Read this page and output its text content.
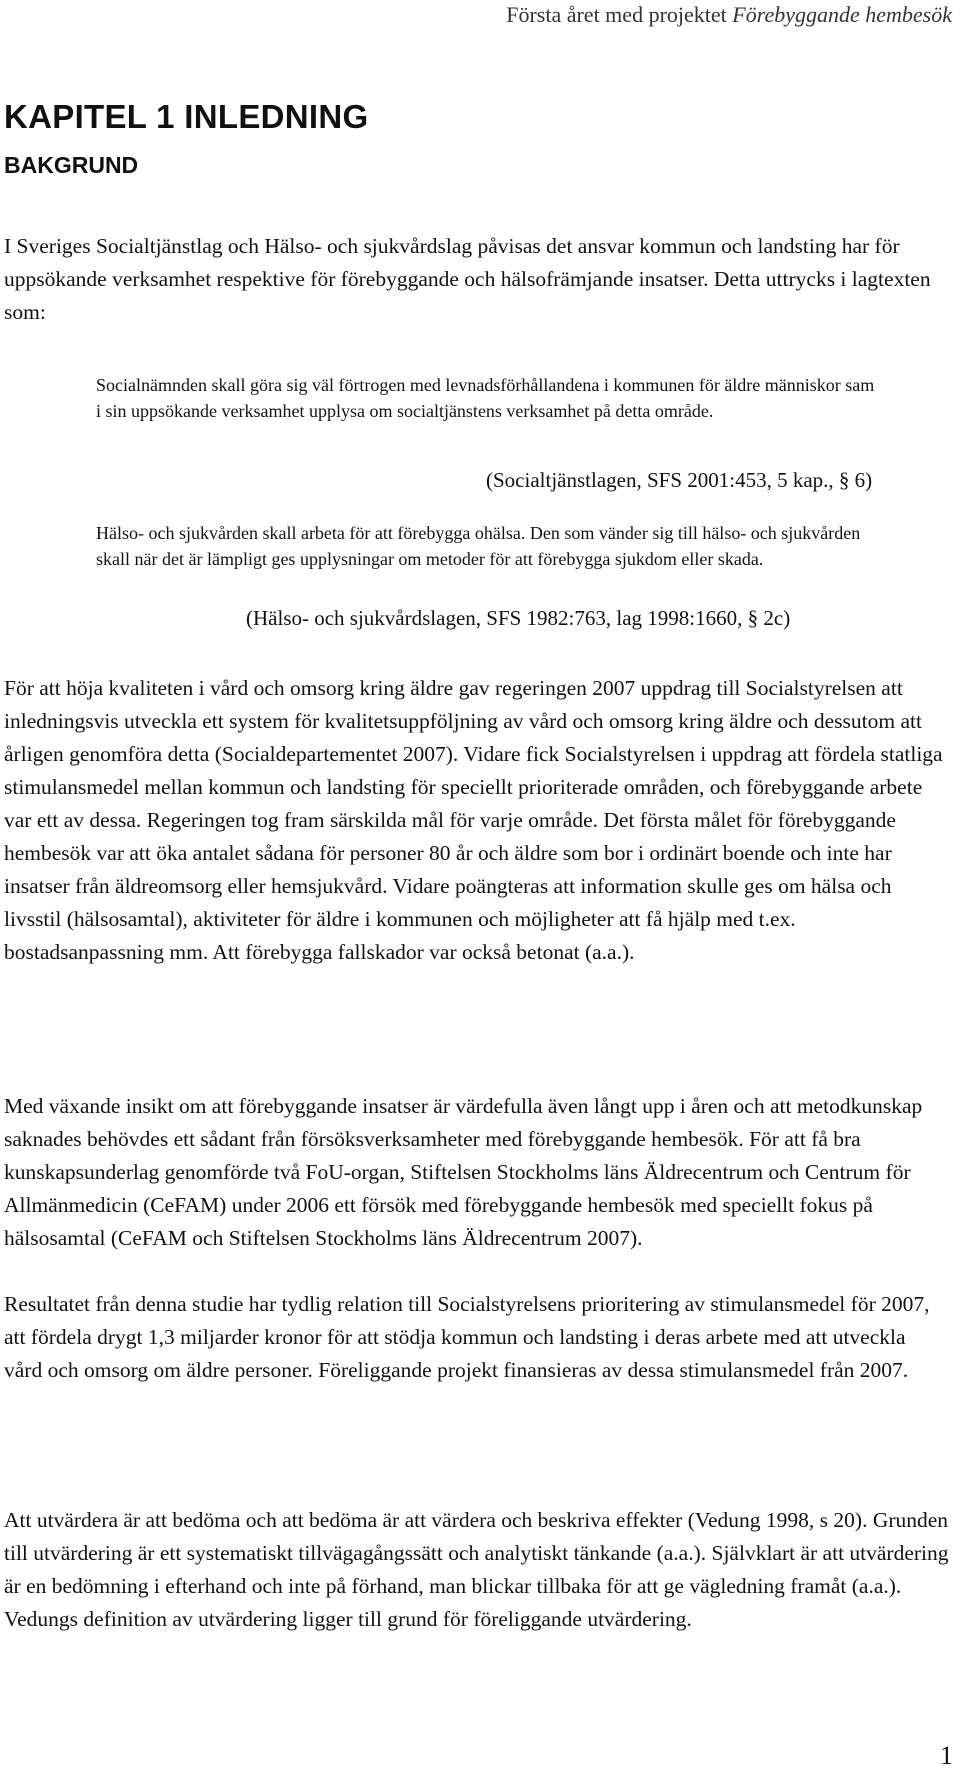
Första året med projektet Förebyggande hembesök
KAPITEL 1 INLEDNING
BAKGRUND

I Sveriges Socialtjänstlag och Hälso- och sjukvårdslag påvisas det ansvar kommun och landsting har för uppsökande verksamhet respektive för förebyggande och hälsofrämjande insatser. Detta uttrycks i lagtexten som:

Socialnämnden skall göra sig väl förtrogen med levnadsförhållandena i kommunen för äldre människor sam i sin uppsökande verksamhet upplysa om socialtjänstens verksamhet på detta område.

(Socialtjänstlagen, SFS 2001:453, 5 kap., § 6)

Hälso- och sjukvården skall arbeta för att förebygga ohälsa. Den som vänder sig till hälso- och sjukvården skall när det är lämpligt ges upplysningar om metoder för att förebygga sjukdom eller skada.

(Hälso- och sjukvårdslagen, SFS 1982:763, lag 1998:1660, § 2c)

För att höja kvaliteten i vård och omsorg kring äldre gav regeringen 2007 uppdrag till Socialstyrelsen att inledningsvis utveckla ett system för kvalitetsuppföljning av vård och omsorg kring äldre och dessutom att årligen genomföra detta (Socialdepartementet 2007). Vidare fick Socialstyrelsen i uppdrag att fördela statliga stimulansmedel mellan kommun och landsting för speciellt prioriterade områden, och förebyggande arbete var ett av dessa. Regeringen tog fram särskilda mål för varje område. Det första målet för förebyggande hembesök var att öka antalet sådana för personer 80 år och äldre som bor i ordinärt boende och inte har insatser från äldreomsorg eller hemsjukvård. Vidare poängteras att information skulle ges om hälsa och livsstil (hälsosamtal), aktiviteter för äldre i kommunen och möjligheter att få hjälp med t.ex. bostadsanpassning mm. Att förebygga fallskador var också betonat (a.a.).

Med växande insikt om att förebyggande insatser är värdefulla även långt upp i åren och att metodkunskap saknades behövdes ett sådant från försöksverksamheter med förebyggande hembesök. För att få bra kunskapsunderlag genomförde två FoU-organ, Stiftelsen Stockholms läns Äldrecentrum och Centrum för Allmänmedicin (CeFAM) under 2006 ett försök med förebyggande hembesök med speciellt fokus på hälsosamtal (CeFAM och Stiftelsen Stockholms läns Äldrecentrum 2007).

Resultatet från denna studie har tydlig relation till Socialstyrelsens prioritering av stimulansmedel för 2007, att fördela drygt 1,3 miljarder kronor för att stödja kommun och landsting i deras arbete med att utveckla vård och omsorg om äldre personer. Föreliggande projekt finansieras av dessa stimulansmedel från 2007.

Att utvärdera är att bedöma och att bedöma är att värdera och beskriva effekter (Vedung 1998, s 20). Grunden till utvärdering är ett systematiskt tillvägagångssätt och analytiskt tänkande (a.a.). Självklart är att utvärdering är en bedömning i efterhand och inte på förhand, man blickar tillbaka för att ge vägledning framåt (a.a.). Vedungs definition av utvärdering ligger till grund för föreliggande utvärdering.

1
